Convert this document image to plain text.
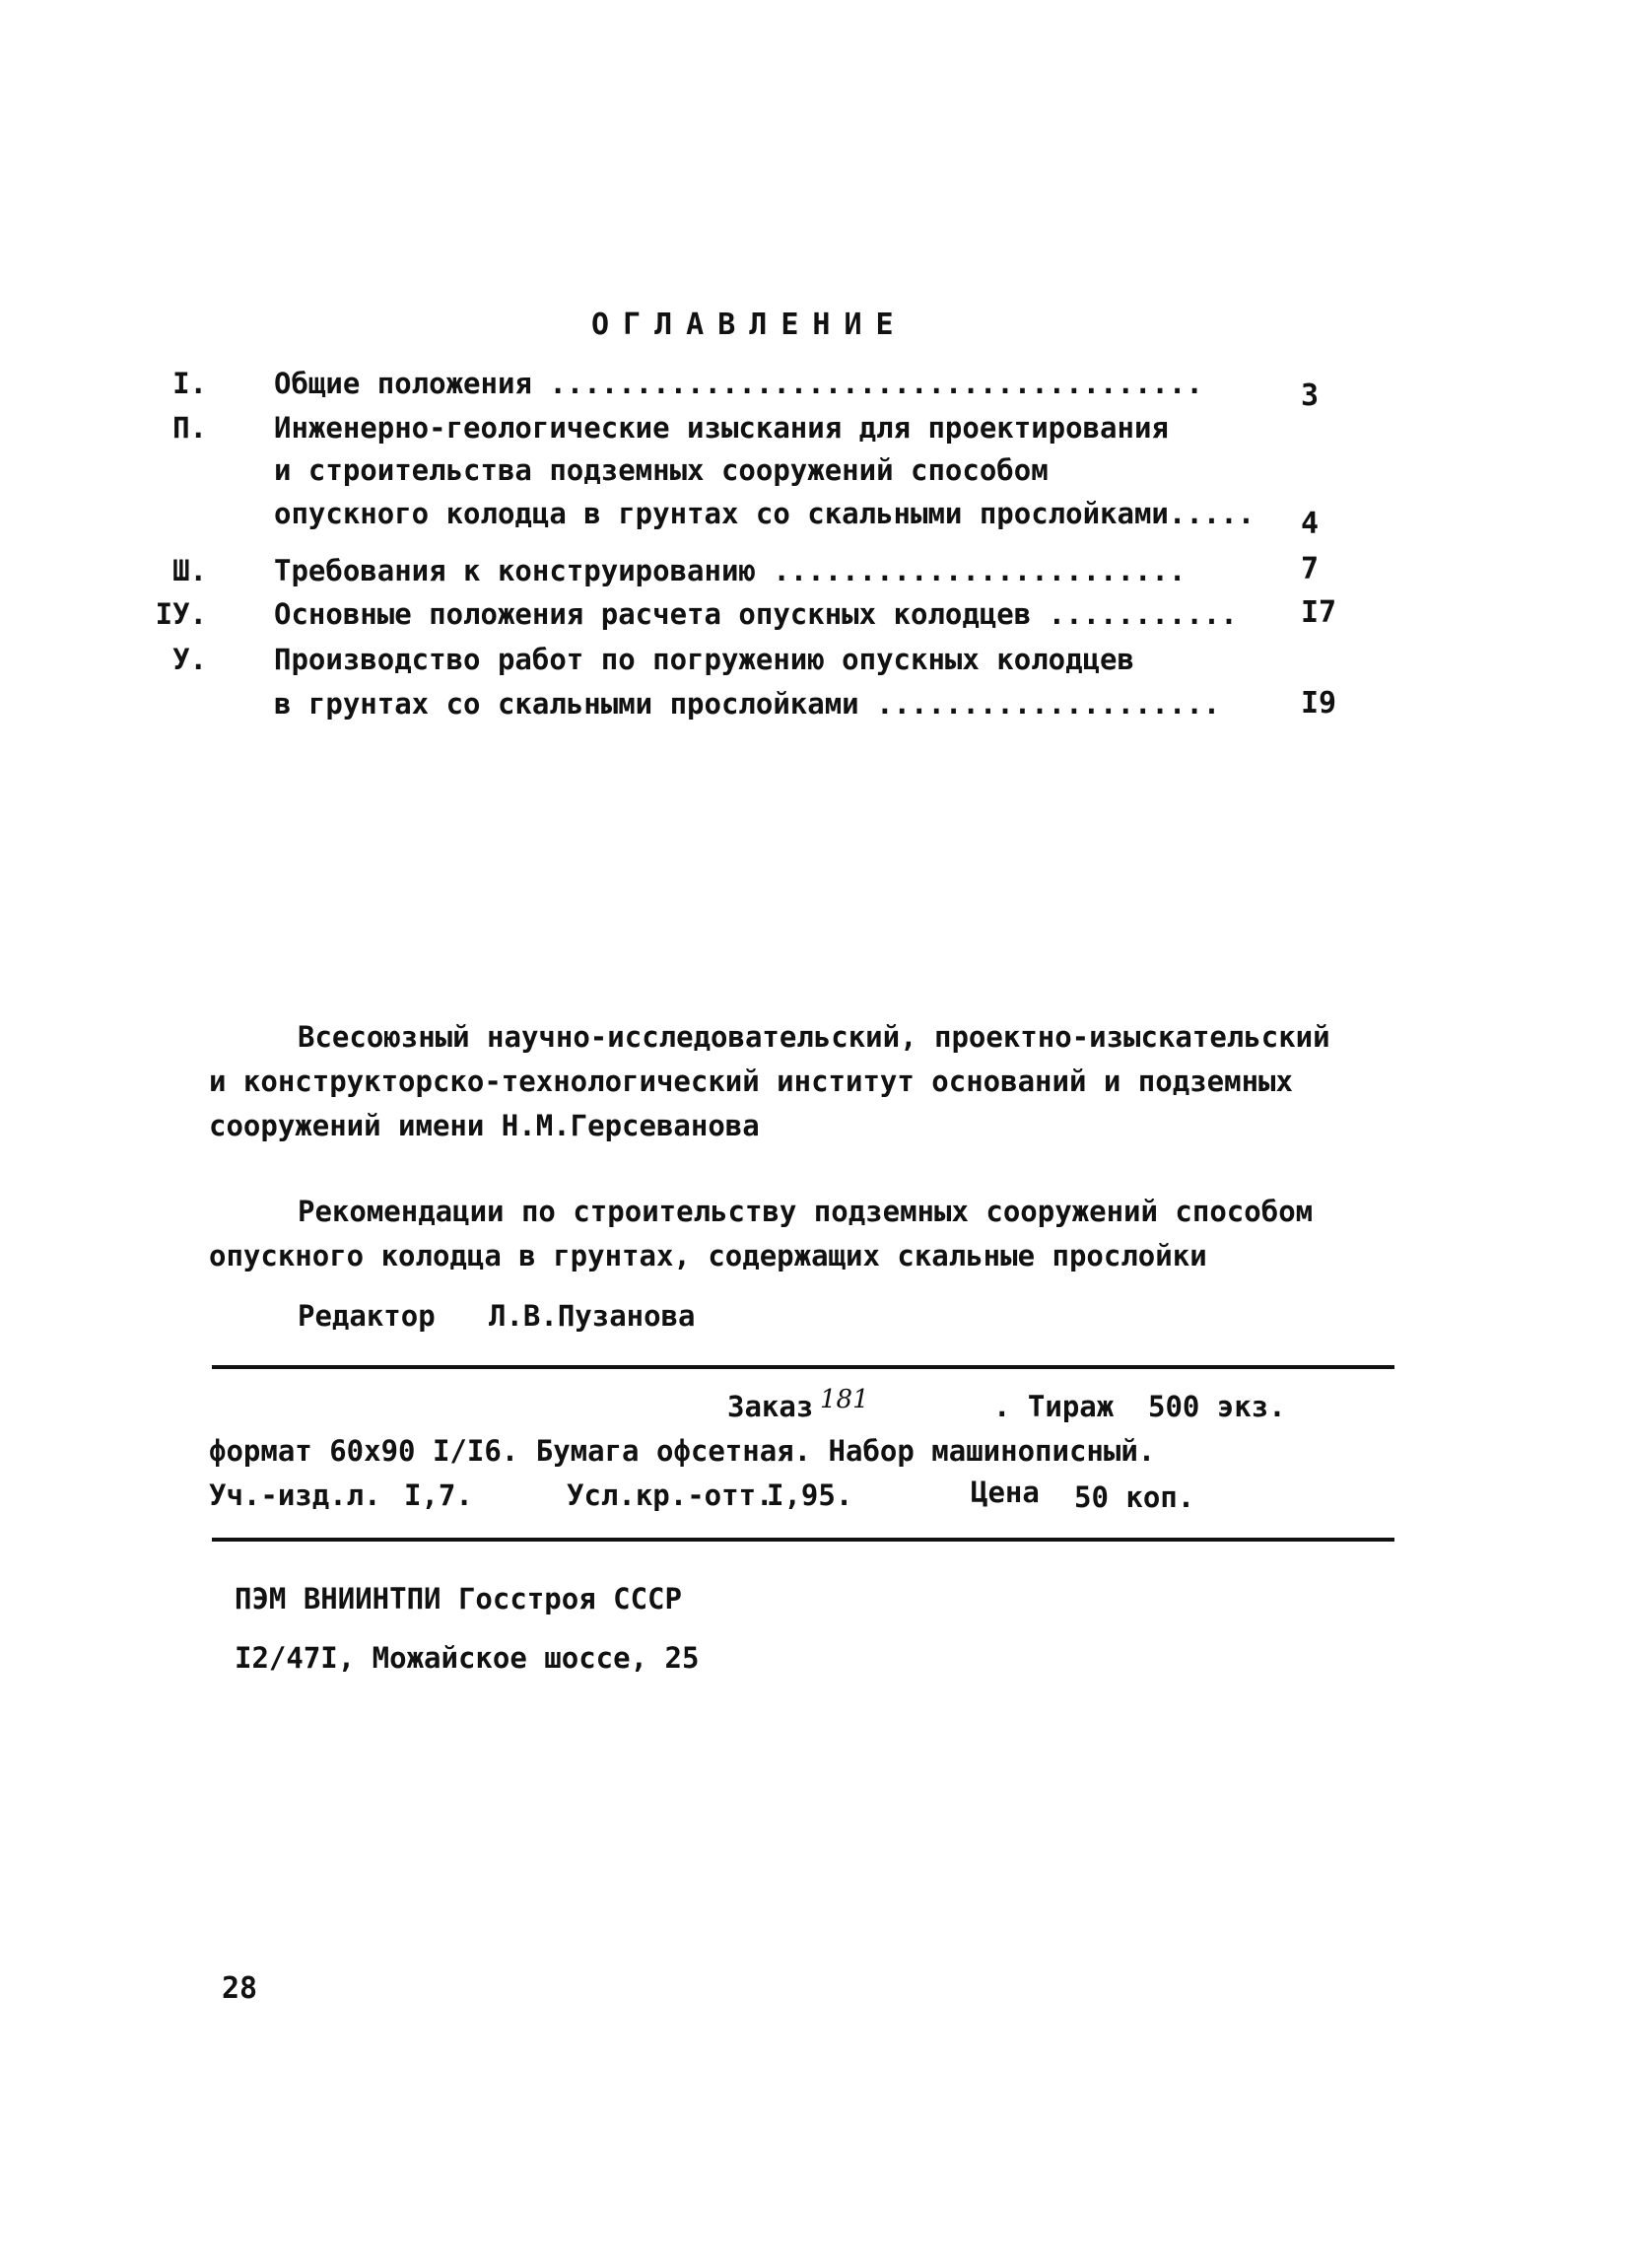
ОГЛАВЛЕНИЕ
I. Общие положения ......................................	3
П. Инженерно-геологические изыскания для проектирования
и строительства подземных сооружений способом
опускного колодца в грунтах со скальными прослойками..... 4
Ш. Требования к конструированию ........................	7
IУ. Основные положения расчета опускных колодцев ........... I7
У. Производство работ по погружению опускных колодцев
в грунтах со скальными прослойками ....................	I9
Всесоюзный научно-исследовательский, проектно-изыскательский
и конструкторско-технологический институт оснований и подземных
сооружений имени Н.М.Герсеванова
Рекомендации по строительству подземных сооружений способом
опускного колодца в грунтах, содержащих скальные прослойки
Редактор Л.В.Пузанова
Заказ 181	. Тираж 500 экз.
формат 60х90 I/I6. Бумага офсетная. Набор машинописный.
Уч.-изд.л. I,7.	Усл.кр.-отт.
I,95.	Цена 50 коп.
ПЭМ ВНИИНТПИ Госстроя СССР
I2/47I, Можайское шоссе, 25
28
